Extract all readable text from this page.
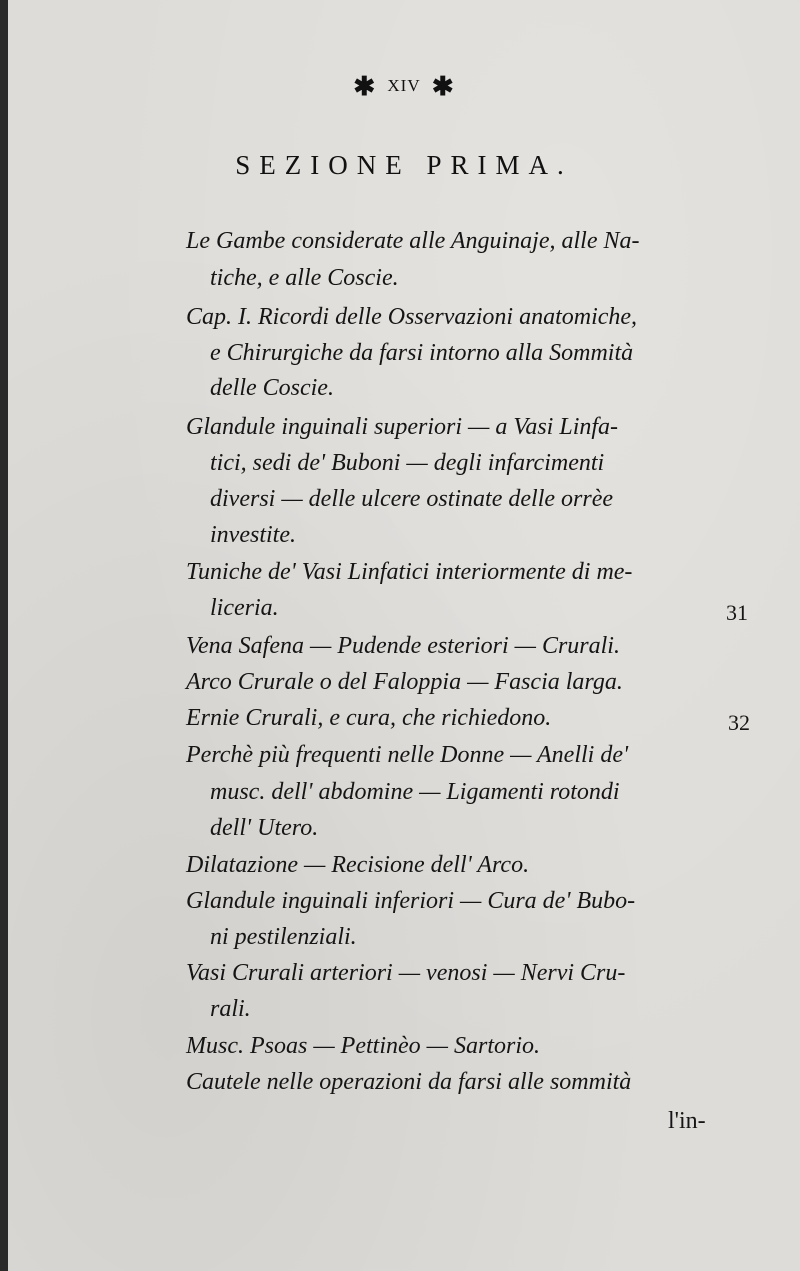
✱ XIV ✱
SEZIONE PRIMA.
Le Gambe considerate alle Anguinaje, alle Na-
tiche, e alle Coscie.
Cap. I. Ricordi delle Osservazioni anatomiche,
e Chirurgiche da farsi intorno alla Sommità
delle Coscie.
Glandule inguinali superiori — a Vasi Linfa-
tici, sedi de' Buboni — degli infarcimenti
diversi — delle ulcere ostinate delle orrèe
investite.
Tuniche de' Vasi Linfatici interiormente di me-
liceria.
Vena Safena — Pudende esteriori — Crurali.
Arco Crurale o del Faloppia — Fascia larga.
Ernie Crurali, e cura, che richiedono.
Perchè più frequenti nelle Donne — Anelli de'
musc. dell' abdomine — Ligamenti rotondi
dell' Utero.
Dilatazione — Recisione dell' Arco.
Glandule inguinali inferiori — Cura de' Bubo-
ni pestilenziali.
Vasi Crurali arteriori — venosi — Nervi Cru-
rali.
Musc. Psoas — Pettinèo — Sartorio.
Cautele nelle operazioni da farsi alle sommità
31
32
l'in-
